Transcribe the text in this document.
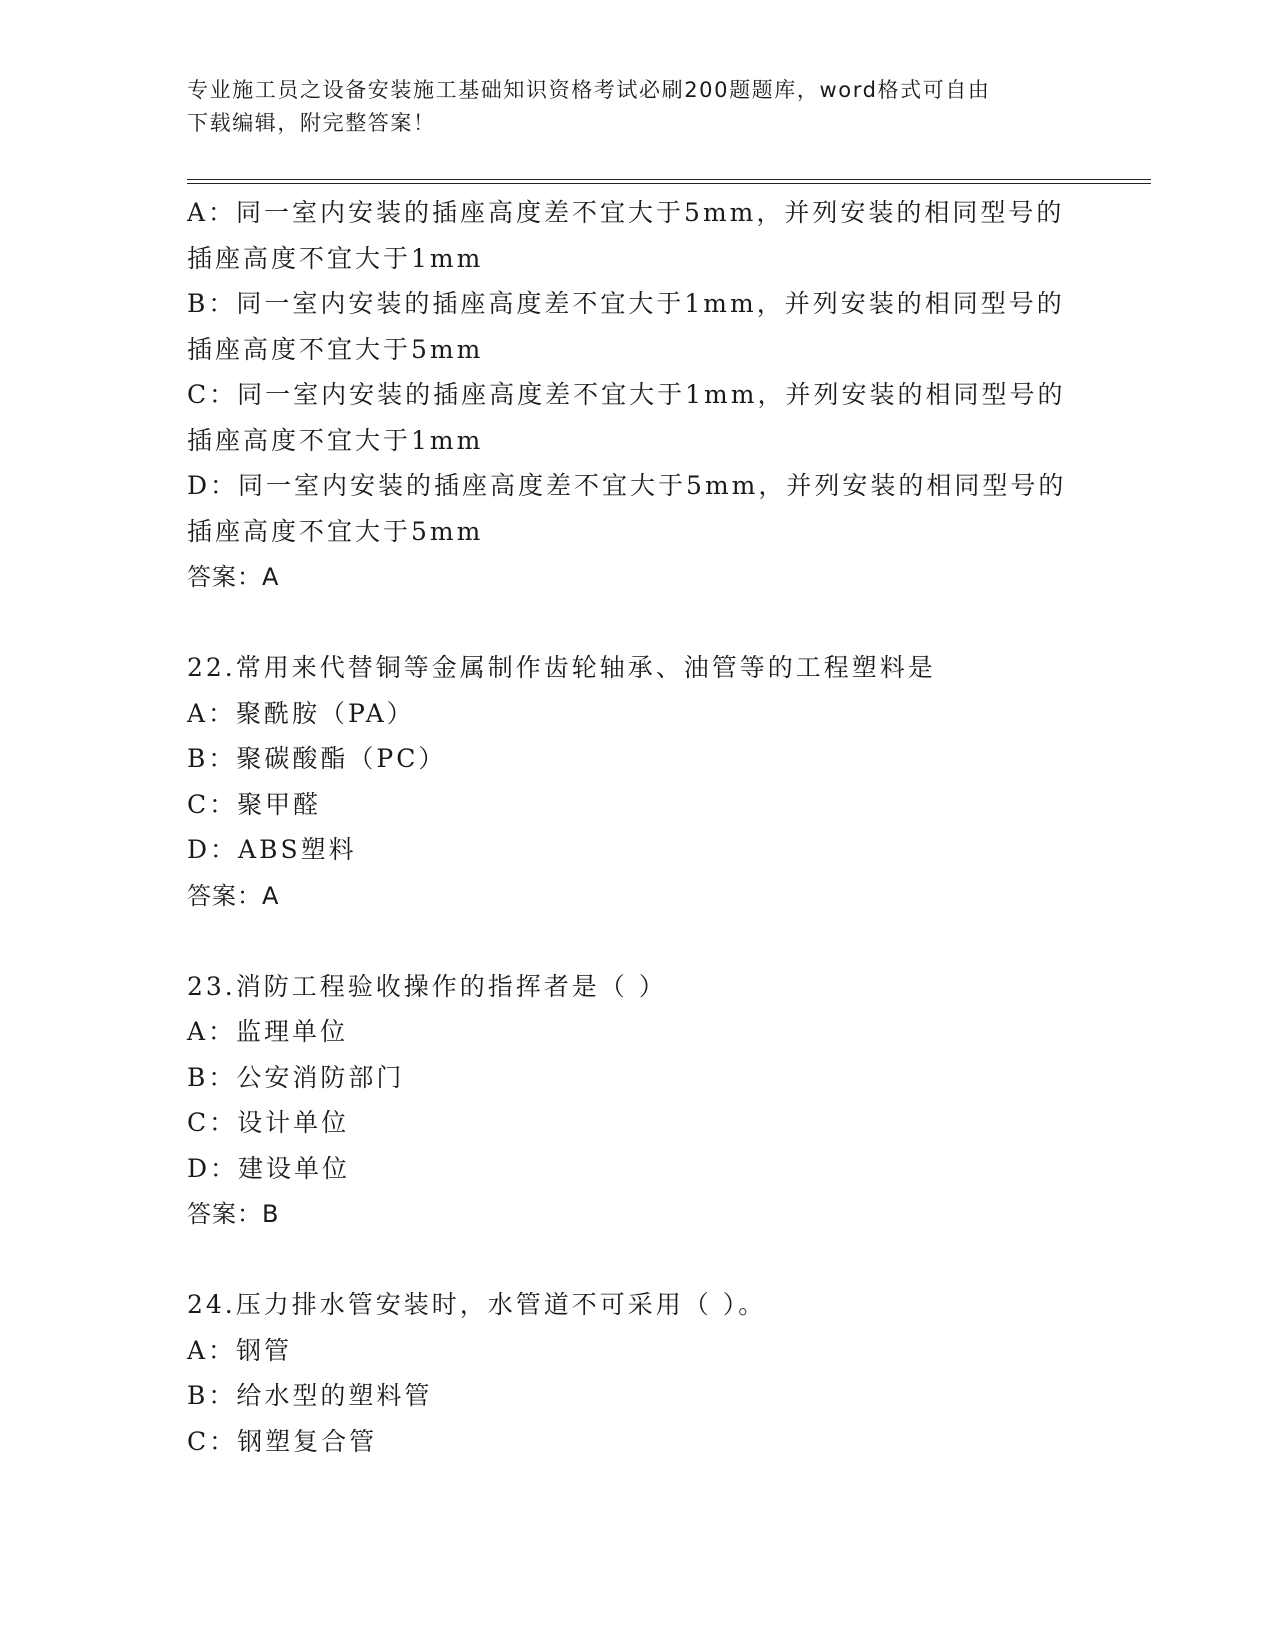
专业施工员之设备安装施工基础知识资格考试必刷200题题库，word格式可自由
下载编辑，附完整答案！
A：同一室内安装的插座高度差不宜大于5mm，并列安装的相同型号的
插座高度不宜大于1mm
B：同一室内安装的插座高度差不宜大于1mm，并列安装的相同型号的
插座高度不宜大于5mm
C：同一室内安装的插座高度差不宜大于1mm，并列安装的相同型号的
插座高度不宜大于1mm
D：同一室内安装的插座高度差不宜大于5mm，并列安装的相同型号的
插座高度不宜大于5mm
答案：A
22.常用来代替铜等金属制作齿轮轴承、油管等的工程塑料是
A：聚酰胺（PA）
B：聚碳酸酯（PC）
C：聚甲醛
D：ABS塑料
答案：A
23.消防工程验收操作的指挥者是（ ）
A：监理单位
B：公安消防部门
C：设计单位
D：建设单位
答案：B
24.压力排水管安装时，水管道不可采用（ ）。
A：钢管
B：给水型的塑料管
C：钢塑复合管
